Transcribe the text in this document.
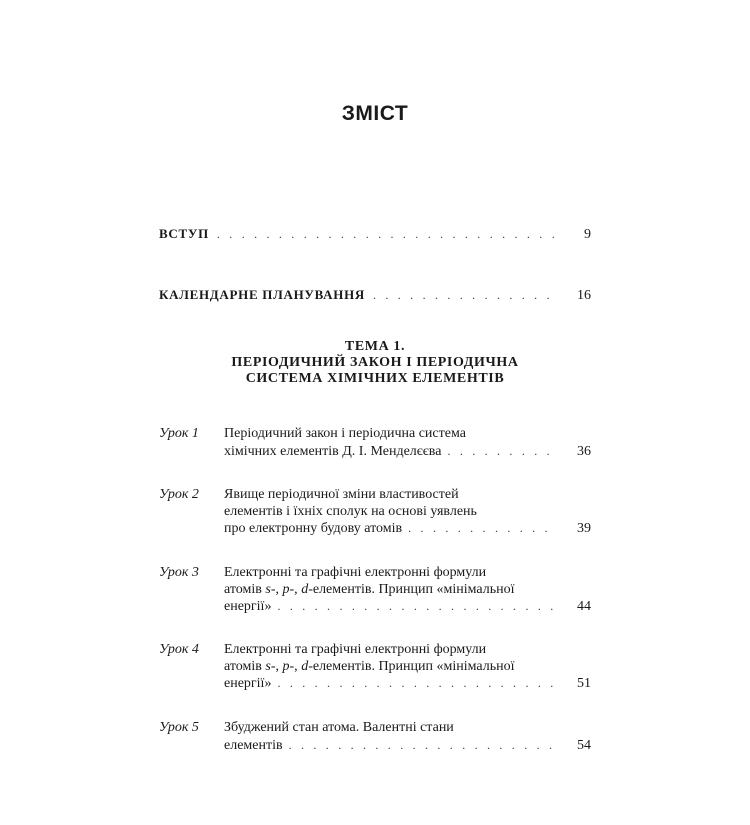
ЗМІСТ
ВСТУП . . .	9
КАЛЕНДАРНЕ ПЛАНУВАННЯ . . .	16
ТЕМА 1.
ПЕРІОДИЧНИЙ ЗАКОН І ПЕРІОДИЧНА
СИСТЕМА ХІМІЧНИХ ЕЛЕМЕНТІВ
Урок 1	Періодичний закон і періодична система
хімічних елементів Д. І. Менделєєва . . .	36
Урок 2	Явище періодичної зміни властивостей
елементів і їхніх сполук на основі уявлень
про електронну будову атомів . . .	39
Урок 3	Електронні та графічні електронні формули
атомів s-, p-, d-елементів. Принцип «мінімальної
енергії» . . .	44
Урок 4	Електронні та графічні електронні формули
атомів s-, p-, d-елементів. Принцип «мінімальної
енергії» . . .	51
Урок 5	Збуджений стан атома. Валентні стани
елементів . . .	54
